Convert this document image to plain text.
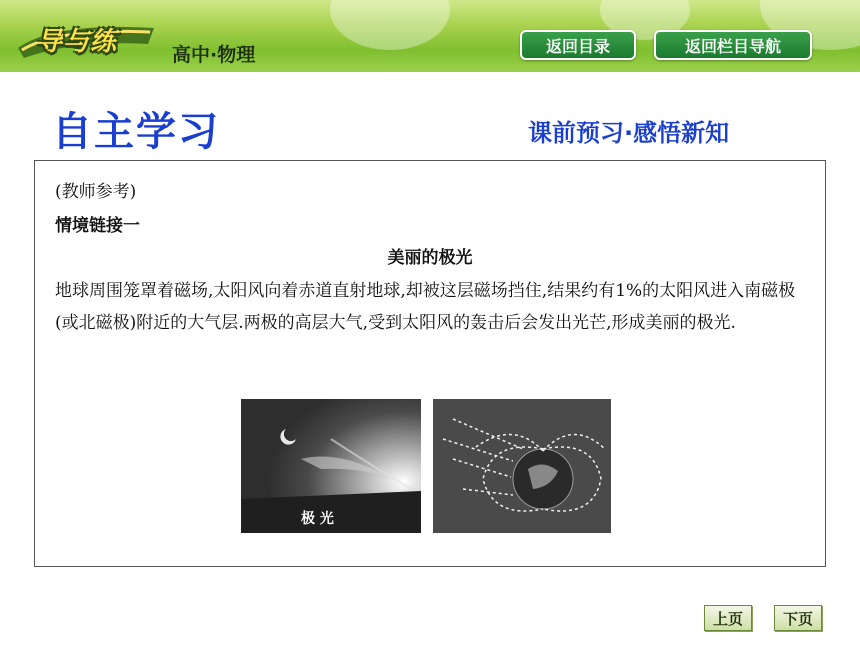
导与练	高中·物理	返回目录	返回栏目导航
自主学习	课前预习·感悟新知
(教师参考)
情境链接一
美丽的极光
地球周围笼罩着磁场,太阳风向着赤道直射地球,却被这层磁场挡住,结果约有1%的太阳风进入南磁极(或北磁极)附近的大气层.两极的高层大气,受到太阳风的轰击后会发出光芒,形成美丽的极光.
极 光
上页	下页
